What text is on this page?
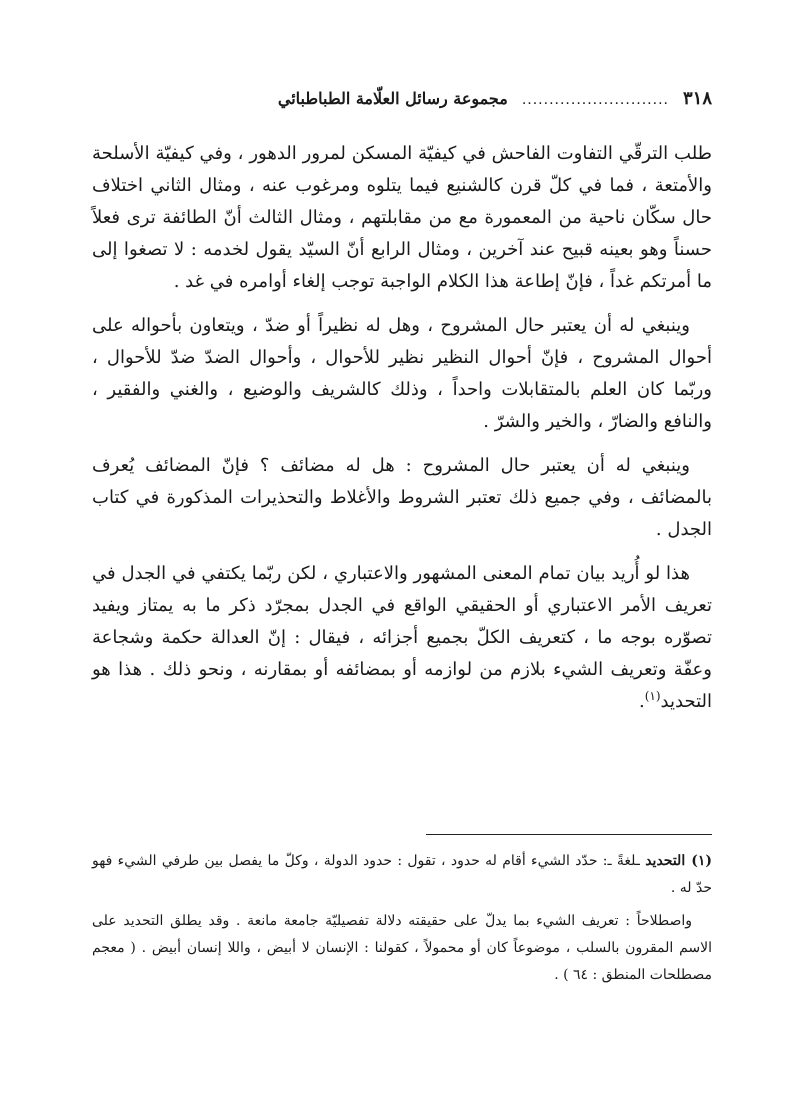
٣١٨
...........................
مجموعة رسائل العلّامة الطباطبائي

طلب الترقّي التفاوت الفاحش في كيفيّة المسكن لمرور الدهور ، وفي كيفيّة الأسلحة والأمتعة ، فما في كلّ قرن كالشنيع فيما يتلوه ومرغوب عنه ، ومثال الثاني اختلاف حال سكّان ناحية من المعمورة مع من مقابلتهم ، ومثال الثالث أنّ الطائفة ترى فعلاً حسناً وهو بعينه قبيح عند آخرين ، ومثال الرابع أنّ السيّد يقول لخدمه : لا تصغوا إلى ما أمرتكم غداً ، فإنّ إطاعة هذا الكلام الواجبة توجب إلغاء أوامره في غد .

وينبغي له أن يعتبر حال المشروح ، وهل له نظيراً أو ضدّ ، ويتعاون بأحواله على أحوال المشروح ، فإنّ أحوال النظير نظير للأحوال ، وأحوال الضدّ ضدّ للأحوال ، وربّما كان العلم بالمتقابلات واحداً ، وذلك كالشريف والوضيع ، والغني والفقير ، والنافع والضارّ ، والخير والشرّ .

وينبغي له أن يعتبر حال المشروح : هل له مضائف ؟ فإنّ المضائف يُعرف بالمضائف ، وفي جميع ذلك تعتبر الشروط والأغلاط والتحذيرات المذكورة في كتاب الجدل .

هذا لو أُريد بيان تمام المعنى المشهور والاعتباري ، لكن ربّما يكتفي في الجدل في تعريف الأمر الاعتباري أو الحقيقي الواقع في الجدل بمجرّد ذكر ما به يمتاز ويفيد تصوّره بوجه ما ، كتعريف الكلّ بجميع أجزائه ، فيقال : إنّ العدالة حكمة وشجاعة وعفّة وتعريف الشيء بلازم من لوازمه أو بمضائفه أو بمقارنه ، ونحو ذلك . هذا هو التحديد$^{(١)}$.

(١)التحديد ـلغةً ـ: حدّد الشيء أقام له حدود ، تقول : حدود الدولة ، وكلّ ما يفصل بين طرفي الشيء فهو حدّ له .

واصطلاحاً : تعريف الشيء بما يدلّ على حقيقته دلالة تفصيليّة جامعة مانعة . وقد يطلق التحديد على الاسم المقرون بالسلب ، موضوعاً كان أو محمولاً ، كقولنا : الإنسان لا أبيض ، واللا إنسان أبيض . ( معجم مصطلحات المنطق : ٦٤ ) .
